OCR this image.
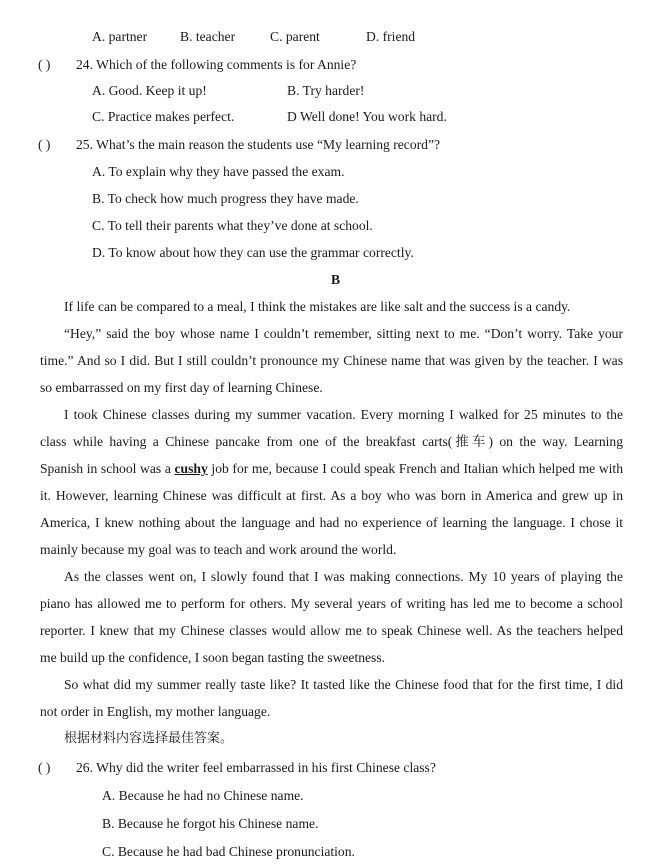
A. partner B. teacher	C. parent	D. friend
( ) 24. Which of the following comments is for Annie?
A. Good. Keep it up!	B. Try harder!
C. Practice makes perfect.	D Well done! You work hard.
( ) 25. What’s the main reason the students use “My learning record”?
A. To explain why they have passed the exam.
B. To check how much progress they have made.
C. To tell their parents what they’ve done at school.
D. To know about how they can use the grammar correctly.
B
If life can be compared to a meal, I think the mistakes are like salt and the success is a candy.
“Hey,” said the boy whose name I couldn’t remember, sitting next to me. “Don’t worry. Take your
time.” And so I did. But I still couldn’t pronounce my Chinese name that was given by the teacher. I was
so embarrassed on my first day of learning Chinese.
I took Chinese classes during my summer vacation. Every morning I walked for 25 minutes to the
class while having a Chinese pancake from one of the breakfast carts(推车) on the way. Learning
Spanish in school was a cushy job for me, because I could speak French and Italian which helped me with
it. However, learning Chinese was difficult at first. As a boy who was born in America and grew up in
America, I knew nothing about the language and had no experience of learning the language. I chose it
mainly because my goal was to teach and work around the world.
As the classes went on, I slowly found that I was making connections. My 10 years of playing the
piano has allowed me to perform for others. My several years of writing has led me to become a school
reporter. I knew that my Chinese classes would allow me to speak Chinese well. As the teachers helped
me build up the confidence, I soon began tasting the sweetness.
So what did my summer really taste like? It tasted like the Chinese food that for the first time, I did
not order in English, my mother language.
根据材料内容选择最佳答案。
( ) 26. Why did the writer feel embarrassed in his first Chinese class?
A. Because he had no Chinese name.
B. Because he forgot his Chinese name.
C. Because he had bad Chinese pronunciation.
